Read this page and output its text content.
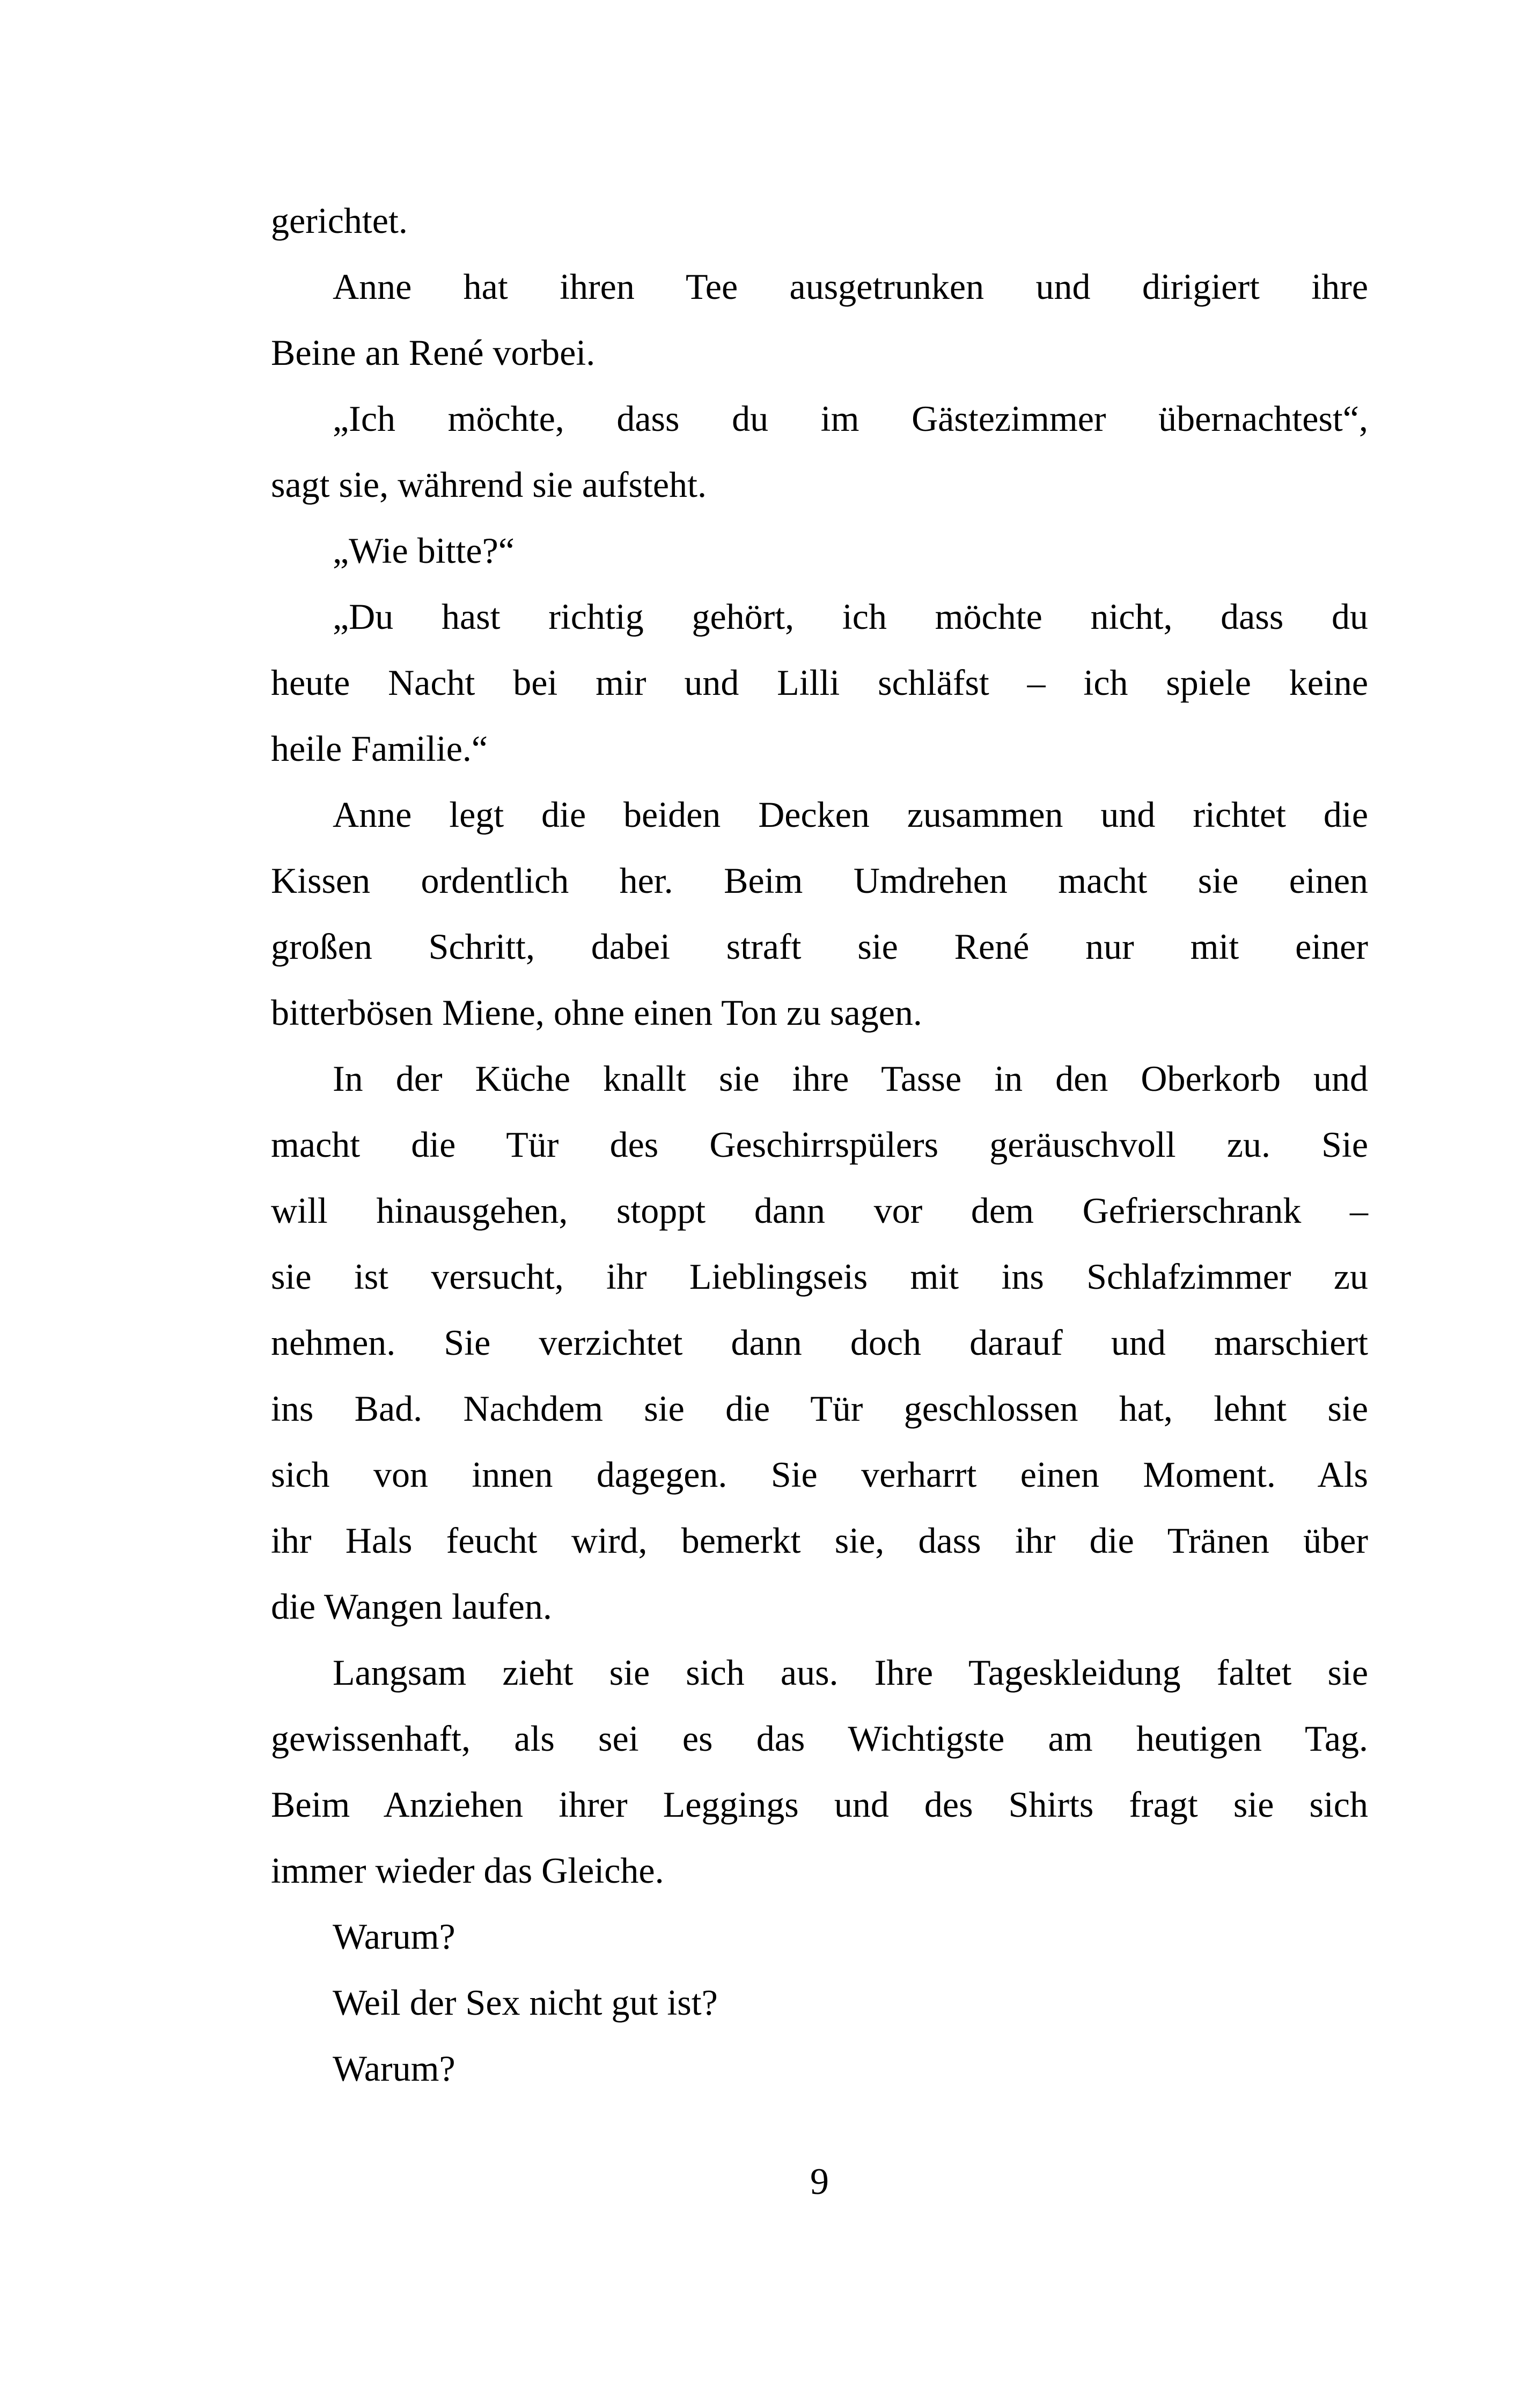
gerichtet.
Anne hat ihren Tee ausgetrunken und dirigiert ihre
Beine an René vorbei.
„Ich möchte, dass du im Gästezimmer übernachtest“,
sagt sie, während sie aufsteht.
„Wie bitte?“
„Du hast richtig gehört, ich möchte nicht, dass du
heute Nacht bei mir und Lilli schläfst – ich spiele keine
heile Familie.“
Anne legt die beiden Decken zusammen und richtet die
Kissen ordentlich her. Beim Umdrehen macht sie einen
großen Schritt, dabei straft sie René nur mit einer
bitterbösen Miene, ohne einen Ton zu sagen.
In der Küche knallt sie ihre Tasse in den Oberkorb und
macht die Tür des Geschirrspülers geräuschvoll zu. Sie
will hinausgehen, stoppt dann vor dem Gefrierschrank –
sie ist versucht, ihr Lieblingseis mit ins Schlafzimmer zu
nehmen. Sie verzichtet dann doch darauf und marschiert
ins Bad. Nachdem sie die Tür geschlossen hat, lehnt sie
sich von innen dagegen. Sie verharrt einen Moment. Als
ihr Hals feucht wird, bemerkt sie, dass ihr die Tränen über
die Wangen laufen.
Langsam zieht sie sich aus. Ihre Tageskleidung faltet sie
gewissenhaft, als sei es das Wichtigste am heutigen Tag.
Beim Anziehen ihrer Leggings und des Shirts fragt sie sich
immer wieder das Gleiche.
Warum?
Weil der Sex nicht gut ist?
Warum?
9
